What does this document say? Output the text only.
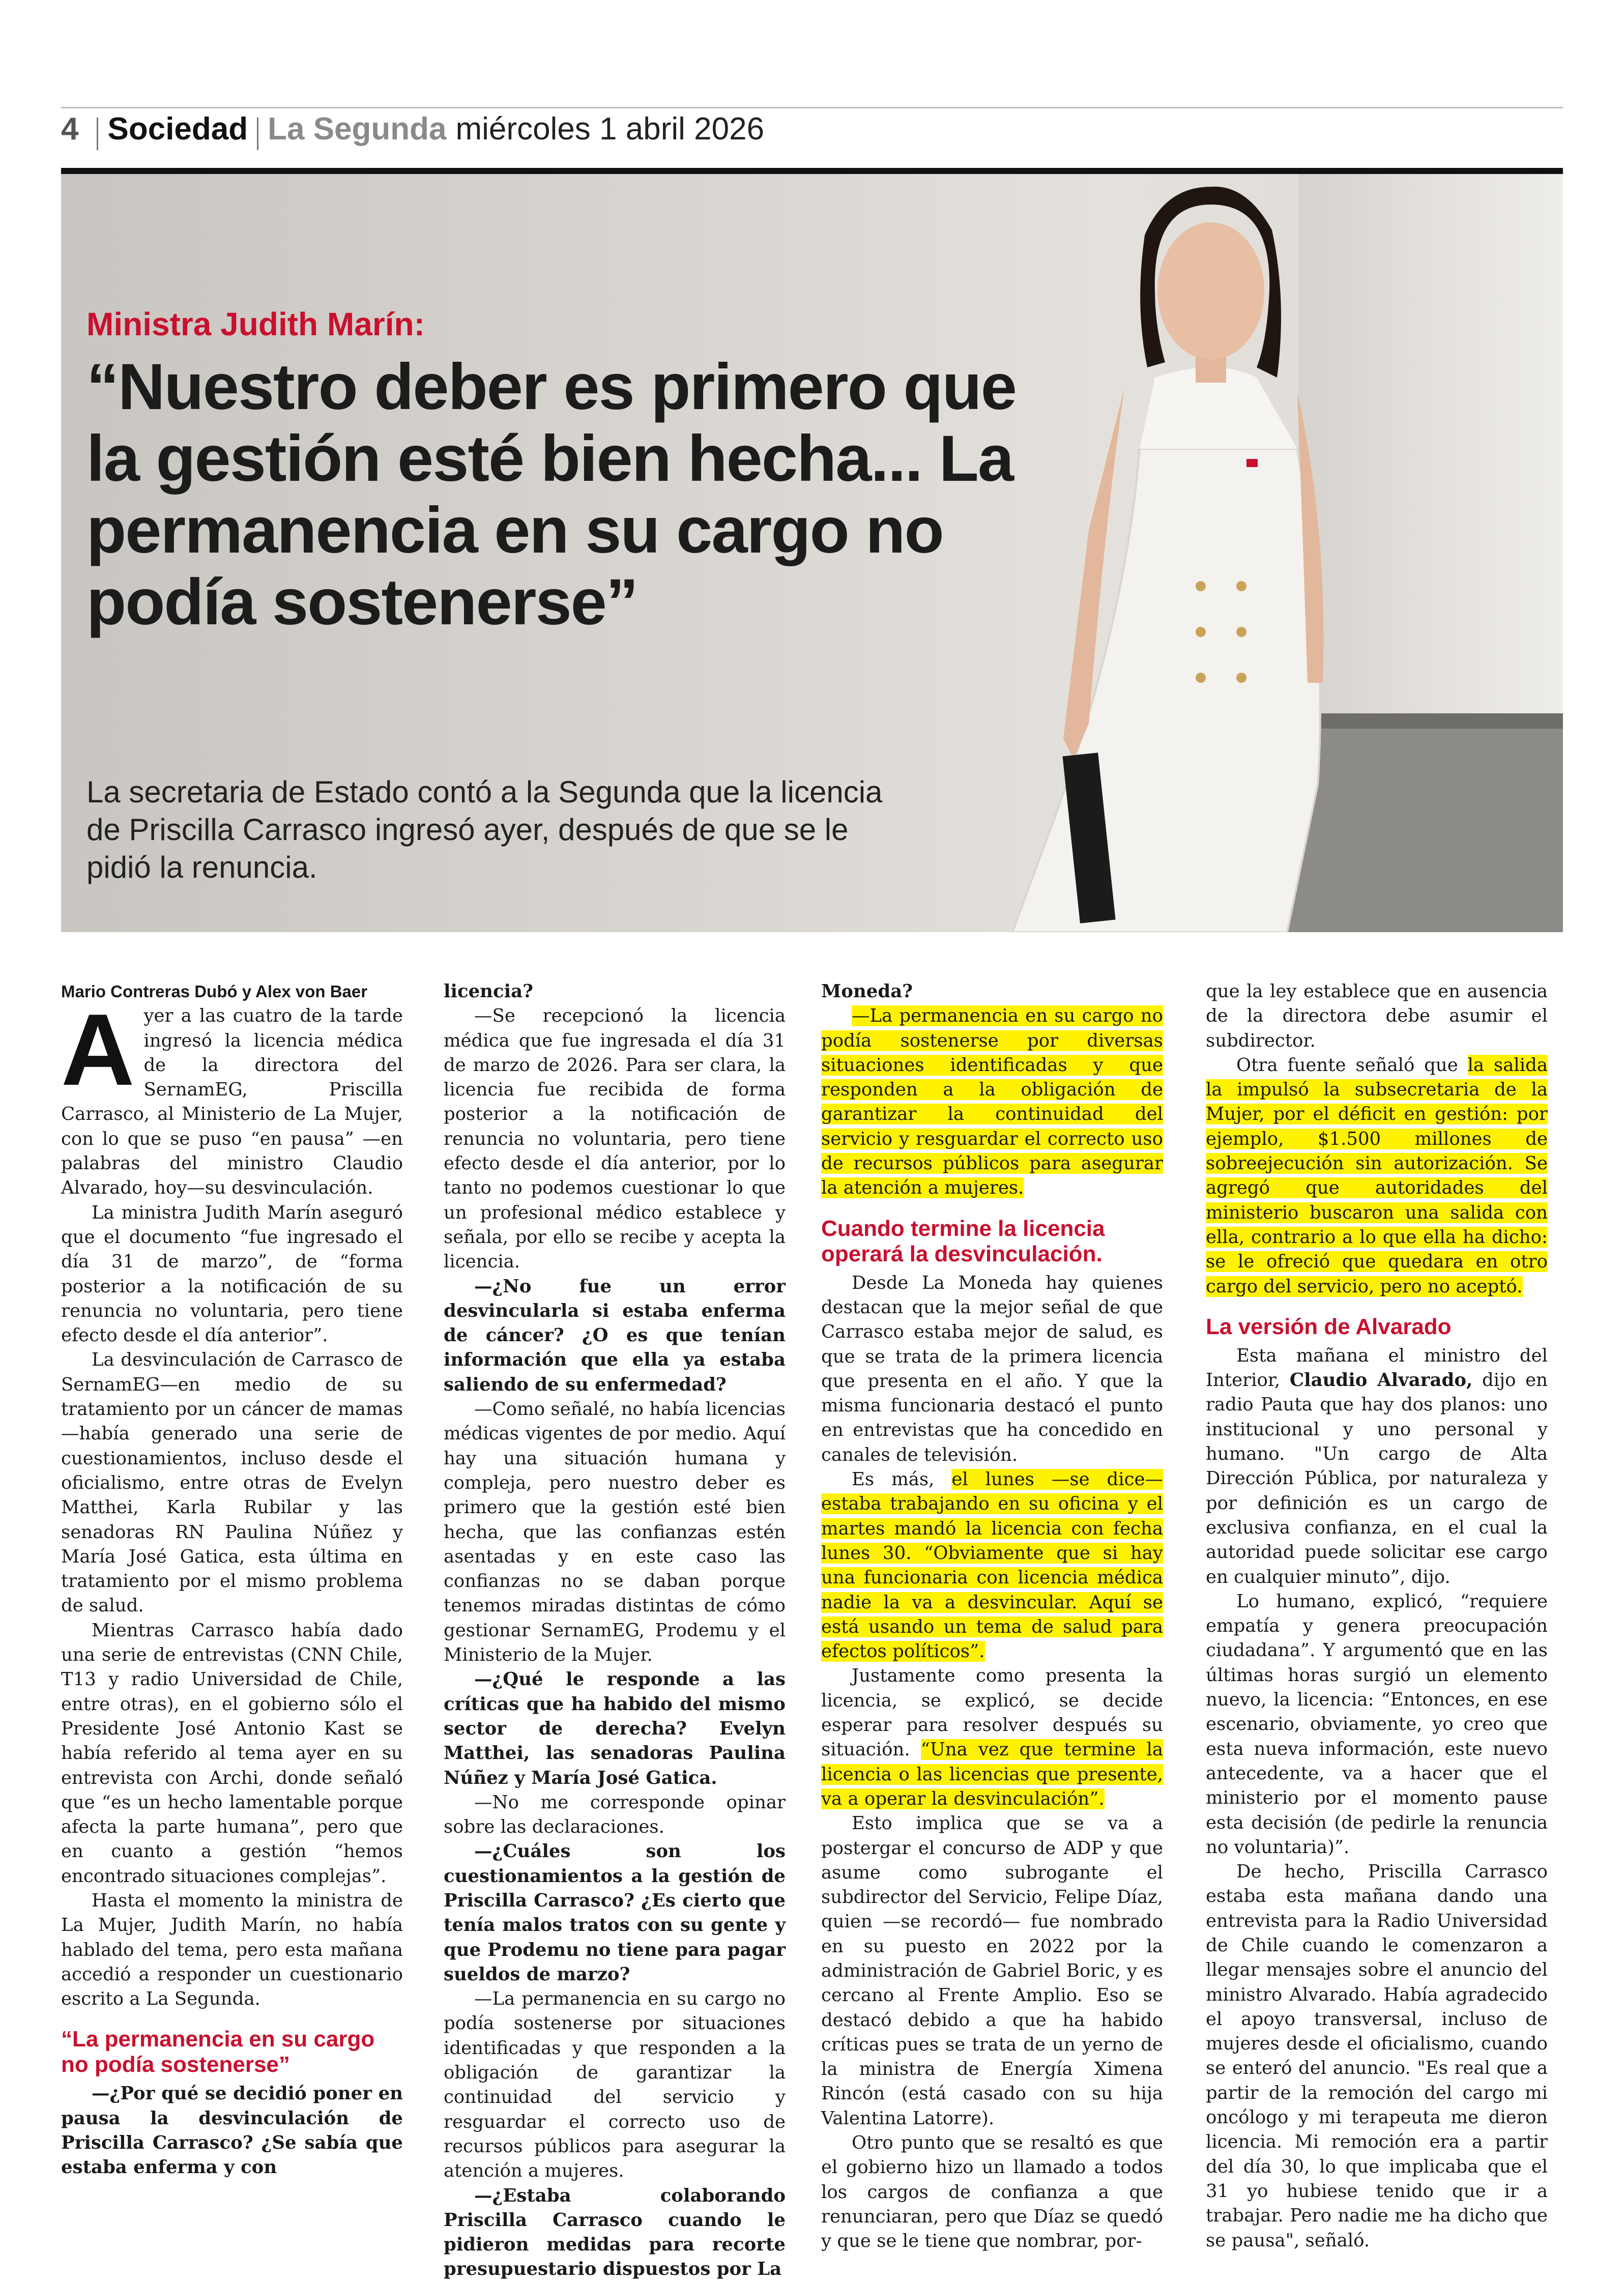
4 Sociedad La Segunda miércoles 1 abril 2026
Ministra Judith Marín:
“Nuestro deber es primero que la gestión esté bien hecha... La permanencia en su cargo no podía sostenerse”
La secretaria de Estado contó a la Segunda que la licencia de Priscilla Carrasco ingresó ayer, después de que se le pidió la renuncia.

Mario Contreras Dubó y Alex von Baer

Ayer a las cuatro de la tarde ingresó la licencia médica de la directora del SernamEG, Priscilla Carrasco, al Ministerio de La Mujer, con lo que se puso “en pausa” —en palabras del ministro Claudio Alvarado, hoy—su desvinculación.

La ministra Judith Marín aseguró que el documento “fue ingresado el día 31 de marzo”, de “forma posterior a la notificación de su renuncia no voluntaria, pero tiene efecto desde el día anterior”.

La desvinculación de Carrasco de SernamEG—en medio de su tratamiento por un cáncer de mamas—había generado una serie de cuestionamientos, incluso desde el oficialismo, entre otras de Evelyn Matthei, Karla Rubilar y las senadoras RN Paulina Núñez y María José Gatica, esta última en tratamiento por el mismo problema de salud.

Mientras Carrasco había dado una serie de entrevistas (CNN Chile, T13 y radio Universidad de Chile, entre otras), en el gobierno sólo el Presidente José Antonio Kast se había referido al tema ayer en su entrevista con Archi, donde señaló que “es un hecho lamentable porque afecta la parte humana”, pero que en cuanto a gestión “hemos encontrado situaciones complejas”.

Hasta el momento la ministra de La Mujer, Judith Marín, no había hablado del tema, pero esta mañana accedió a responder un cuestionario escrito a La Segunda.

“La permanencia en su cargo no podía sostenerse”

—¿Por qué se decidió poner en pausa la desvinculación de Priscilla Carrasco? ¿Se sabía que estaba enferma y con

licencia?

—Se recepcionó la licencia médica que fue ingresada el día 31 de marzo de 2026. Para ser clara, la licencia fue recibida de forma posterior a la notificación de renuncia no voluntaria, pero tiene efecto desde el día anterior, por lo tanto no podemos cuestionar lo que un profesional médico establece y señala, por ello se recibe y acepta la licencia.

—¿No fue un error desvincularla si estaba enferma de cáncer? ¿O es que tenían información que ella ya estaba saliendo de su enfermedad?

—Como señalé, no había licencias médicas vigentes de por medio. Aquí hay una situación humana y compleja, pero nuestro deber es primero que la gestión esté bien hecha, que las confianzas estén asentadas y en este caso las confianzas no se daban porque tenemos miradas distintas de cómo gestionar SernamEG, Prodemu y el Ministerio de la Mujer.

—¿Qué le responde a las críticas que ha habido del mismo sector de derecha? Evelyn Matthei, las senadoras Paulina Núñez y María José Gatica.

—No me corresponde opinar sobre las declaraciones.

—¿Cuáles son los cuestionamientos a la gestión de Priscilla Carrasco? ¿Es cierto que tenía malos tratos con su gente y que Prodemu no tiene para pagar sueldos de marzo?

—La permanencia en su cargo no podía sostenerse por situaciones identificadas y que responden a la obligación de garantizar la continuidad del servicio y resguardar el correcto uso de recursos públicos para asegurar la atención a mujeres.

—¿Estaba colaborando Priscilla Carrasco cuando le pidieron medidas para recorte presupuestario dispuestos por La

Moneda?

—La permanencia en su cargo no podía sostenerse por diversas situaciones identificadas y que responden a la obligación de garantizar la continuidad del servicio y resguardar el correcto uso de recursos públicos para asegurar la atención a mujeres.

Cuando termine la licencia operará la desvinculación.

Desde La Moneda hay quienes destacan que la mejor señal de que Carrasco estaba mejor de salud, es que se trata de la primera licencia que presenta en el año. Y que la misma funcionaria destacó el punto en entrevistas que ha concedido en canales de televisión.

Es más, el lunes —se dice— estaba trabajando en su oficina y el martes mandó la licencia con fecha lunes 30. “Obviamente que si hay una funcionaria con licencia médica nadie la va a desvincular. Aquí se está usando un tema de salud para efectos políticos”.

Justamente como presenta la licencia, se explicó, se decide esperar para resolver después su situación. “Una vez que termine la licencia o las licencias que presente, va a operar la desvinculación”.

Esto implica que se va a postergar el concurso de ADP y que asume como subrogante el subdirector del Servicio, Felipe Díaz, quien —se recordó— fue nombrado en su puesto en 2022 por la administración de Gabriel Boric, y es cercano al Frente Amplio. Eso se destacó debido a que ha habido críticas pues se trata de un yerno de la ministra de Energía Ximena Rincón (está casado con su hija Valentina Latorre).

Otro punto que se resaltó es que el gobierno hizo un llamado a todos los cargos de confianza a que renunciaran, pero que Díaz se quedó y que se le tiene que nombrar, por-

que la ley establece que en ausencia de la directora debe asumir el subdirector.

Otra fuente señaló que la salida la impulsó la subsecretaria de la Mujer, por el déficit en gestión: por ejemplo, $1.500 millones de sobreejecución sin autorización. Se agregó que autoridades del ministerio buscaron una salida con ella, contrario a lo que ella ha dicho: se le ofreció que quedara en otro cargo del servicio, pero no aceptó.

La versión de Alvarado

Esta mañana el ministro del Interior, Claudio Alvarado, dijo en radio Pauta que hay dos planos: uno institucional y uno personal y humano. "Un cargo de Alta Dirección Pública, por naturaleza y por definición es un cargo de exclusiva confianza, en el cual la autoridad puede solicitar ese cargo en cualquier minuto”, dijo.

Lo humano, explicó, “requiere empatía y genera preocupación ciudadana”. Y argumentó que en las últimas horas surgió un elemento nuevo, la licencia: “Entonces, en ese escenario, obviamente, yo creo que esta nueva información, este nuevo antecedente, va a hacer que el ministerio por el momento pause esta decisión (de pedirle la renuncia no voluntaria)”.

De hecho, Priscilla Carrasco estaba esta mañana dando una entrevista para la Radio Universidad de Chile cuando le comenzaron a llegar mensajes sobre el anuncio del ministro Alvarado. Había agradecido el apoyo transversal, incluso de mujeres desde el oficialismo, cuando se enteró del anuncio. "Es real que a partir de la remoción del cargo mi oncólogo y mi terapeuta me dieron licencia. Mi remoción era a partir del día 30, lo que implicaba que el 31 yo hubiese tenido que ir a trabajar. Pero nadie me ha dicho que se pausa", señaló.
